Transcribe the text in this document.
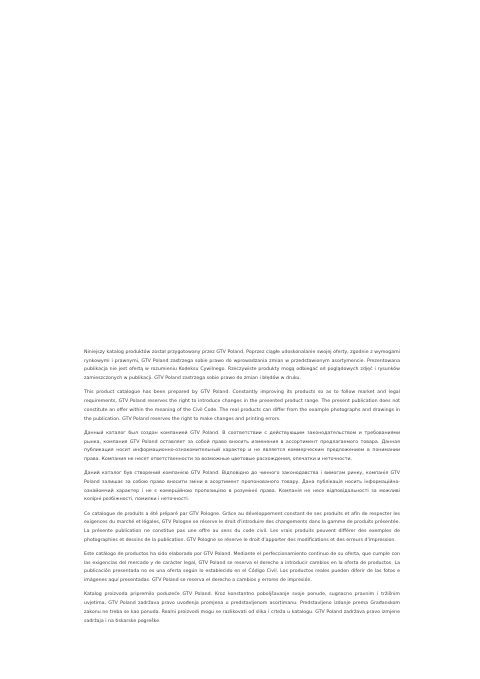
Niniejszy katalog produktów został przygotowany przez GTV Poland. Poprzez ciągłe udoskonalanie swojej oferty, zgodnie z wymogami rynkowymi i prawnymi, GTV Poland zastrzega sobie prawo do wprowadzania zmian w przedstawionym asortymencie. Prezentowana publikacja nie jest ofertą w rozumieniu Kodeksu Cywilnego. Rzeczywiste produkty mogą odbiegać od poglądowych zdjęć i rysunków zamieszczonych w publikacji. GTV Poland zastrzega sobie prawo do zmian i błędów w druku.

This product catalogue has been prepared by GTV Poland. Constantly improving its products so as to follow market and legal requirements, GTV Poland reserves the right to introduce changes in the presented product range. The present publication does not constitute an offer within the meaning of the Civil Code. The real products can differ from the example photographs and drawings in the publication. GTV Poland reserves the right to make changes and printing errors.

Данный каталог был создан компанией GTV Poland. В соответствии с действующим законодательством и требованиями рынка, компания GTV Poland оставляет за собой право вносить изменения в ассортимент предлагаемого товара. Данная публикация носит информационно-ознакомительный характер и не является коммерческим предложением в понимании права. Компания не несет ответственности за возможные цветовые расхождения, опечатки и неточности.

Даний каталог був створений компанією GTV Poland. Відповідно до чинного законодавства і вимогам ринку, компанія GTV Poland залишає за собою право вносити зміни в асортимент пропонованого товару. Дана публікація носить інформаційно-ознайомчий характер і не є комерційною пропозицією в розумінні права. Компанія не несе відповідальності за можливі колірні розбіжності, помилки і неточності.

Ce catalogue de produits a été préparé par GTV Pologne. Grâce au développement constant de ses produits et afin de respecter les exigences du marché et légales, GTV Pologne se réserve le droit d'introduire des changements dans la gamme de produits présentée. La présente publication ne constitue pas une offre au sens du code civil. Les vrais produits peuvent différer des exemples de photographies et dessins de la publication. GTV Pologne se réserve le droit d'apporter des modifications et des erreurs d'impression.

Este catálogo de productos ha sido elaborado por GTV Poland. Mediante el perfeccionamiento continuo de su oferta, que cumple con las exigencias del mercado y de carácter legal, GTV Poland se reserva el derecho a introducir cambios en la oferta de productos. La publicación presentada no es una oferta según lo establecido en el Código Civil. Los productos reales pueden diferir de las fotos e imágenes aquí presentadas. GTV Poland se reserva el derecho a cambios y errores de impresión.

Katalog proizvoda pripremilo poduzeće GTV Poland. Kroz konstantno poboljšavanje svoje ponude, sugласno pravnim i tržišnim uvjetima, GTV Poland zadržava pravo uvođenja promjena u predstavljenom asortimanu. Predstavljeno izdanje prema Građanskom zakonu ne treba se kao ponuda. Realni proizvodi mogu se razlikovati od slika i crteža u katalogu. GTV Poland zadržava pravo izmjene sadržaja i na tiskarske pogreške.
